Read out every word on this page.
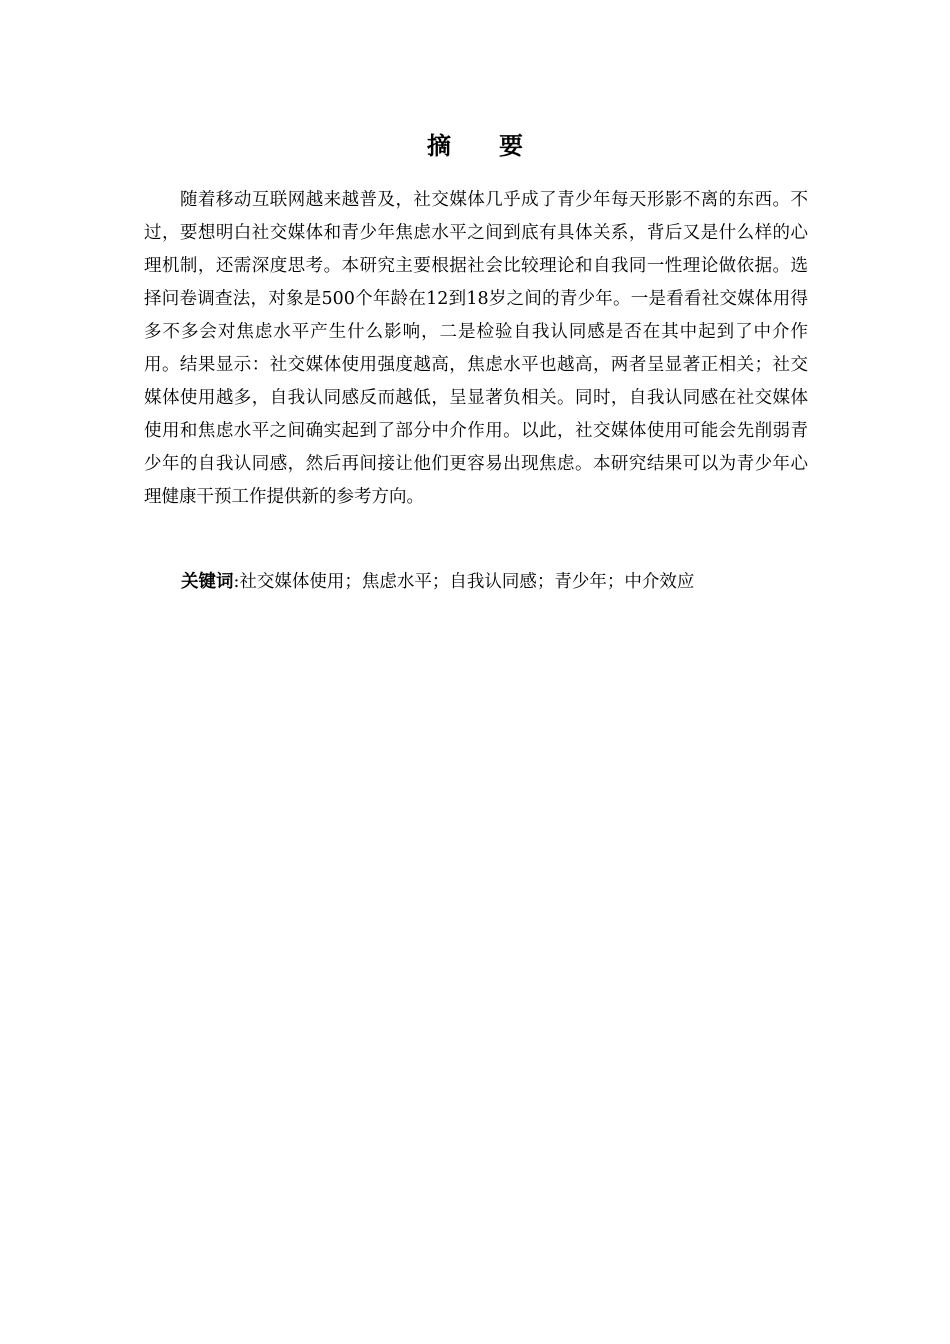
摘 要

随着移动互联网越来越普及，社交媒体几乎成了青少年每天形影不离的东西。不过，要想明白社交媒体和青少年焦虑水平之间到底有具体关系，背后又是什么样的心理机制，还需深度思考。本研究主要根据社会比较理论和自我同一性理论做依据。选择问卷调查法，对象是500个年龄在12到18岁之间的青少年。一是看看社交媒体用得多不多会对焦虑水平产生什么影响，二是检验自我认同感是否在其中起到了中介作用。结果显示：社交媒体使用强度越高，焦虑水平也越高，两者呈显著正相关；社交媒体使用越多，自我认同感反而越低，呈显著负相关。同时，自我认同感在社交媒体使用和焦虑水平之间确实起到了部分中介作用。以此，社交媒体使用可能会先削弱青少年的自我认同感，然后再间接让他们更容易出现焦虑。本研究结果可以为青少年心理健康干预工作提供新的参考方向。

关键词:社交媒体使用；焦虑水平；自我认同感；青少年；中介效应
